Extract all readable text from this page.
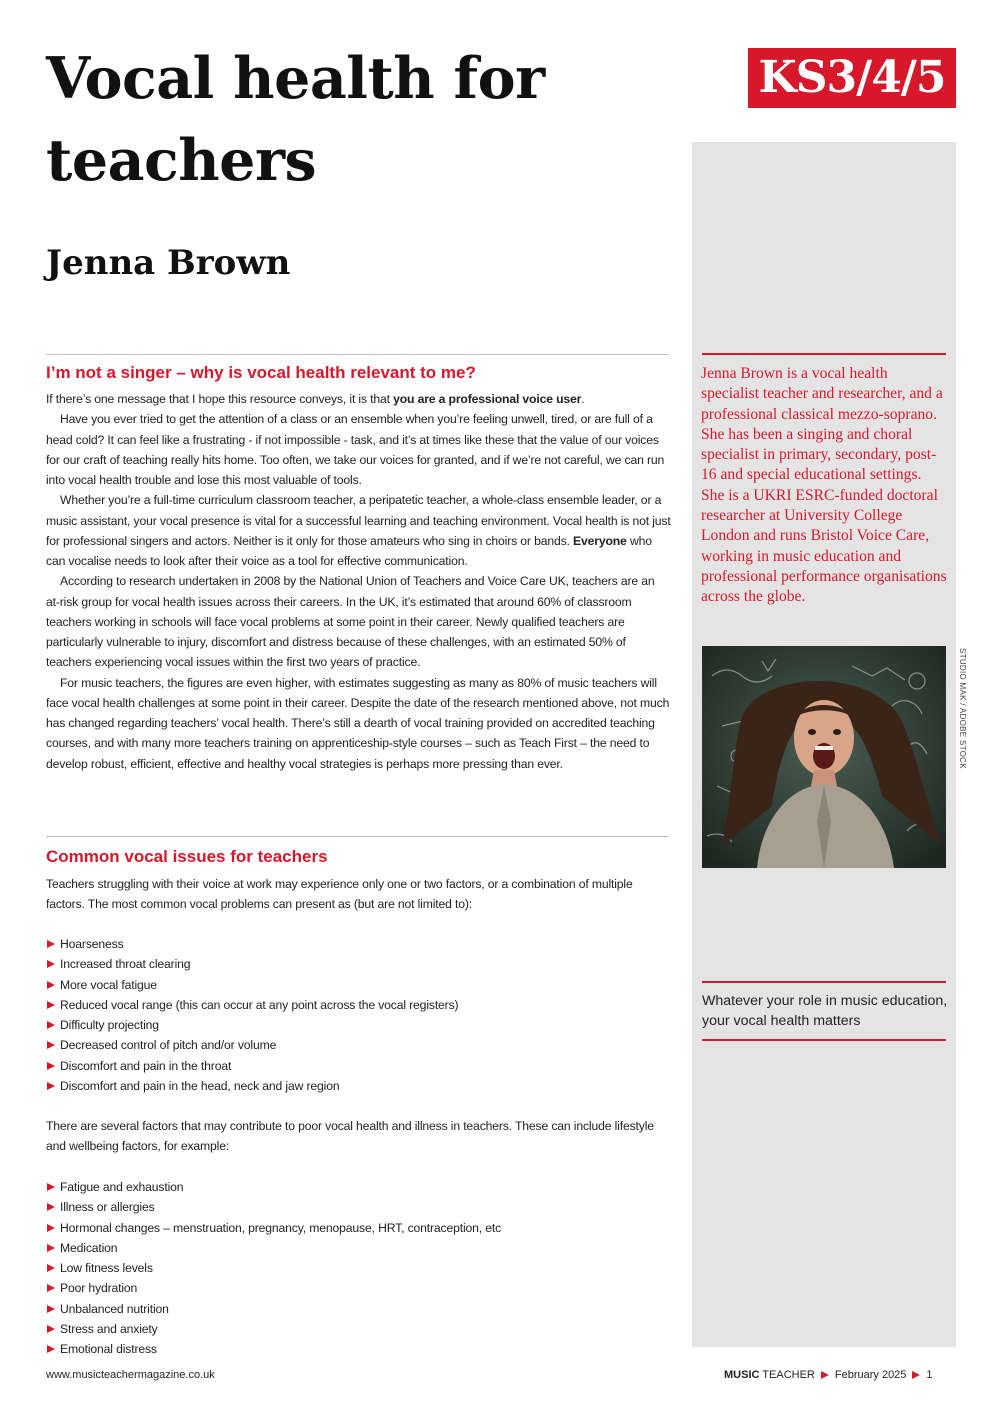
Vocal health for teachers
Jenna Brown
KS3/4/5
Jenna Brown is a vocal health specialist teacher and researcher, and a professional classical mezzo-soprano. She has been a singing and choral specialist in primary, secondary, post-16 and special educational settings. She is a UKRI ESRC-funded doctoral researcher at University College London and runs Bristol Voice Care, working in music education and professional performance organisations across the globe.
STUDIO MAK / ADOBE STOCK
Whatever your role in music education, your vocal health matters
I’m not a singer – why is vocal health relevant to me?

If there’s one message that I hope this resource conveys, it is that you are a professional voice user.

Have you ever tried to get the attention of a class or an ensemble when you’re feeling unwell, tired, or are full of a head cold? It can feel like a frustrating - if not impossible - task, and it’s at times like these that the value of our voices for our craft of teaching really hits home. Too often, we take our voices for granted, and if we’re not careful, we can run into vocal health trouble and lose this most valuable of tools.

Whether you’re a full-time curriculum classroom teacher, a peripatetic teacher, a whole-class ensemble leader, or a music assistant, your vocal presence is vital for a successful learning and teaching environment. Vocal health is not just for professional singers and actors. Neither is it only for those amateurs who sing in choirs or bands. Everyone who can vocalise needs to look after their voice as a tool for effective communication.

According to research undertaken in 2008 by the National Union of Teachers and Voice Care UK, teachers are an at-risk group for vocal health issues across their careers. In the UK, it’s estimated that around 60% of classroom teachers working in schools will face vocal problems at some point in their career. Newly qualified teachers are particularly vulnerable to injury, discomfort and distress because of these challenges, with an estimated 50% of teachers experiencing vocal issues within the first two years of practice.

For music teachers, the figures are even higher, with estimates suggesting as many as 80% of music teachers will face vocal health challenges at some point in their career. Despite the date of the research mentioned above, not much has changed regarding teachers’ vocal health. There’s still a dearth of vocal training provided on accredited teaching courses, and with many more teachers training on apprenticeship-style courses – such as Teach First – the need to develop robust, efficient, effective and healthy vocal strategies is perhaps more pressing than ever.

Common vocal issues for teachers
Teachers struggling with their voice at work may experience only one or two factors, or a combination of multiple factors. The most common vocal problems can present as (but are not limited to):
Hoarseness
Increased throat clearing
More vocal fatigue
Reduced vocal range (this can occur at any point across the vocal registers)
Difficulty projecting
Decreased control of pitch and/or volume
Discomfort and pain in the throat
Discomfort and pain in the head, neck and jaw region
There are several factors that may contribute to poor vocal health and illness in teachers. These can include lifestyle and wellbeing factors, for example:
Fatigue and exhaustion
Illness or allergies
Hormonal changes – menstruation, pregnancy, menopause, HRT, contraception, etc
Medication
Low fitness levels
Poor hydration
Unbalanced nutrition
Stress and anxiety
Emotional distress
www.musicteachermagazine.co.uk	MUSIC TEACHER February 2025 1
